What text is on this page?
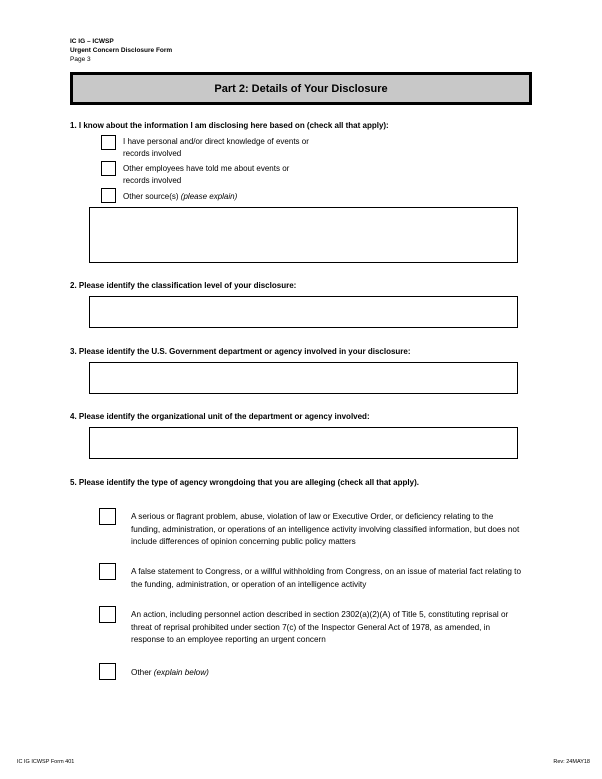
IC IG – ICWSP
Urgent Concern Disclosure Form
Page 3
Part 2: Details of Your Disclosure
1. I know about the information I am disclosing here based on (check all that apply):
I have personal and/or direct knowledge of events or records involved
Other employees have told me about events or records involved
Other source(s) (please explain)
2. Please identify the classification level of your disclosure:
3. Please identify the U.S. Government department or agency involved in your disclosure:
4. Please identify the organizational unit of the department or agency involved:
5. Please identify the type of agency wrongdoing that you are alleging (check all that apply).
A serious or flagrant problem, abuse, violation of law or Executive Order, or deficiency relating to the funding, administration, or operations of an intelligence activity involving classified information, but does not include differences of opinion concerning public policy matters
A false statement to Congress, or a willful withholding from Congress, on an issue of material fact relating to the funding, administration, or operation of an intelligence activity
An action, including personnel action described in section 2302(a)(2)(A) of Title 5, constituting reprisal or threat of reprisal prohibited under section 7(c) of the Inspector General Act of 1978, as amended, in response to an employee reporting an urgent concern
Other (explain below)
IC IG ICWSP Form 401	Rev: 24MAY18
